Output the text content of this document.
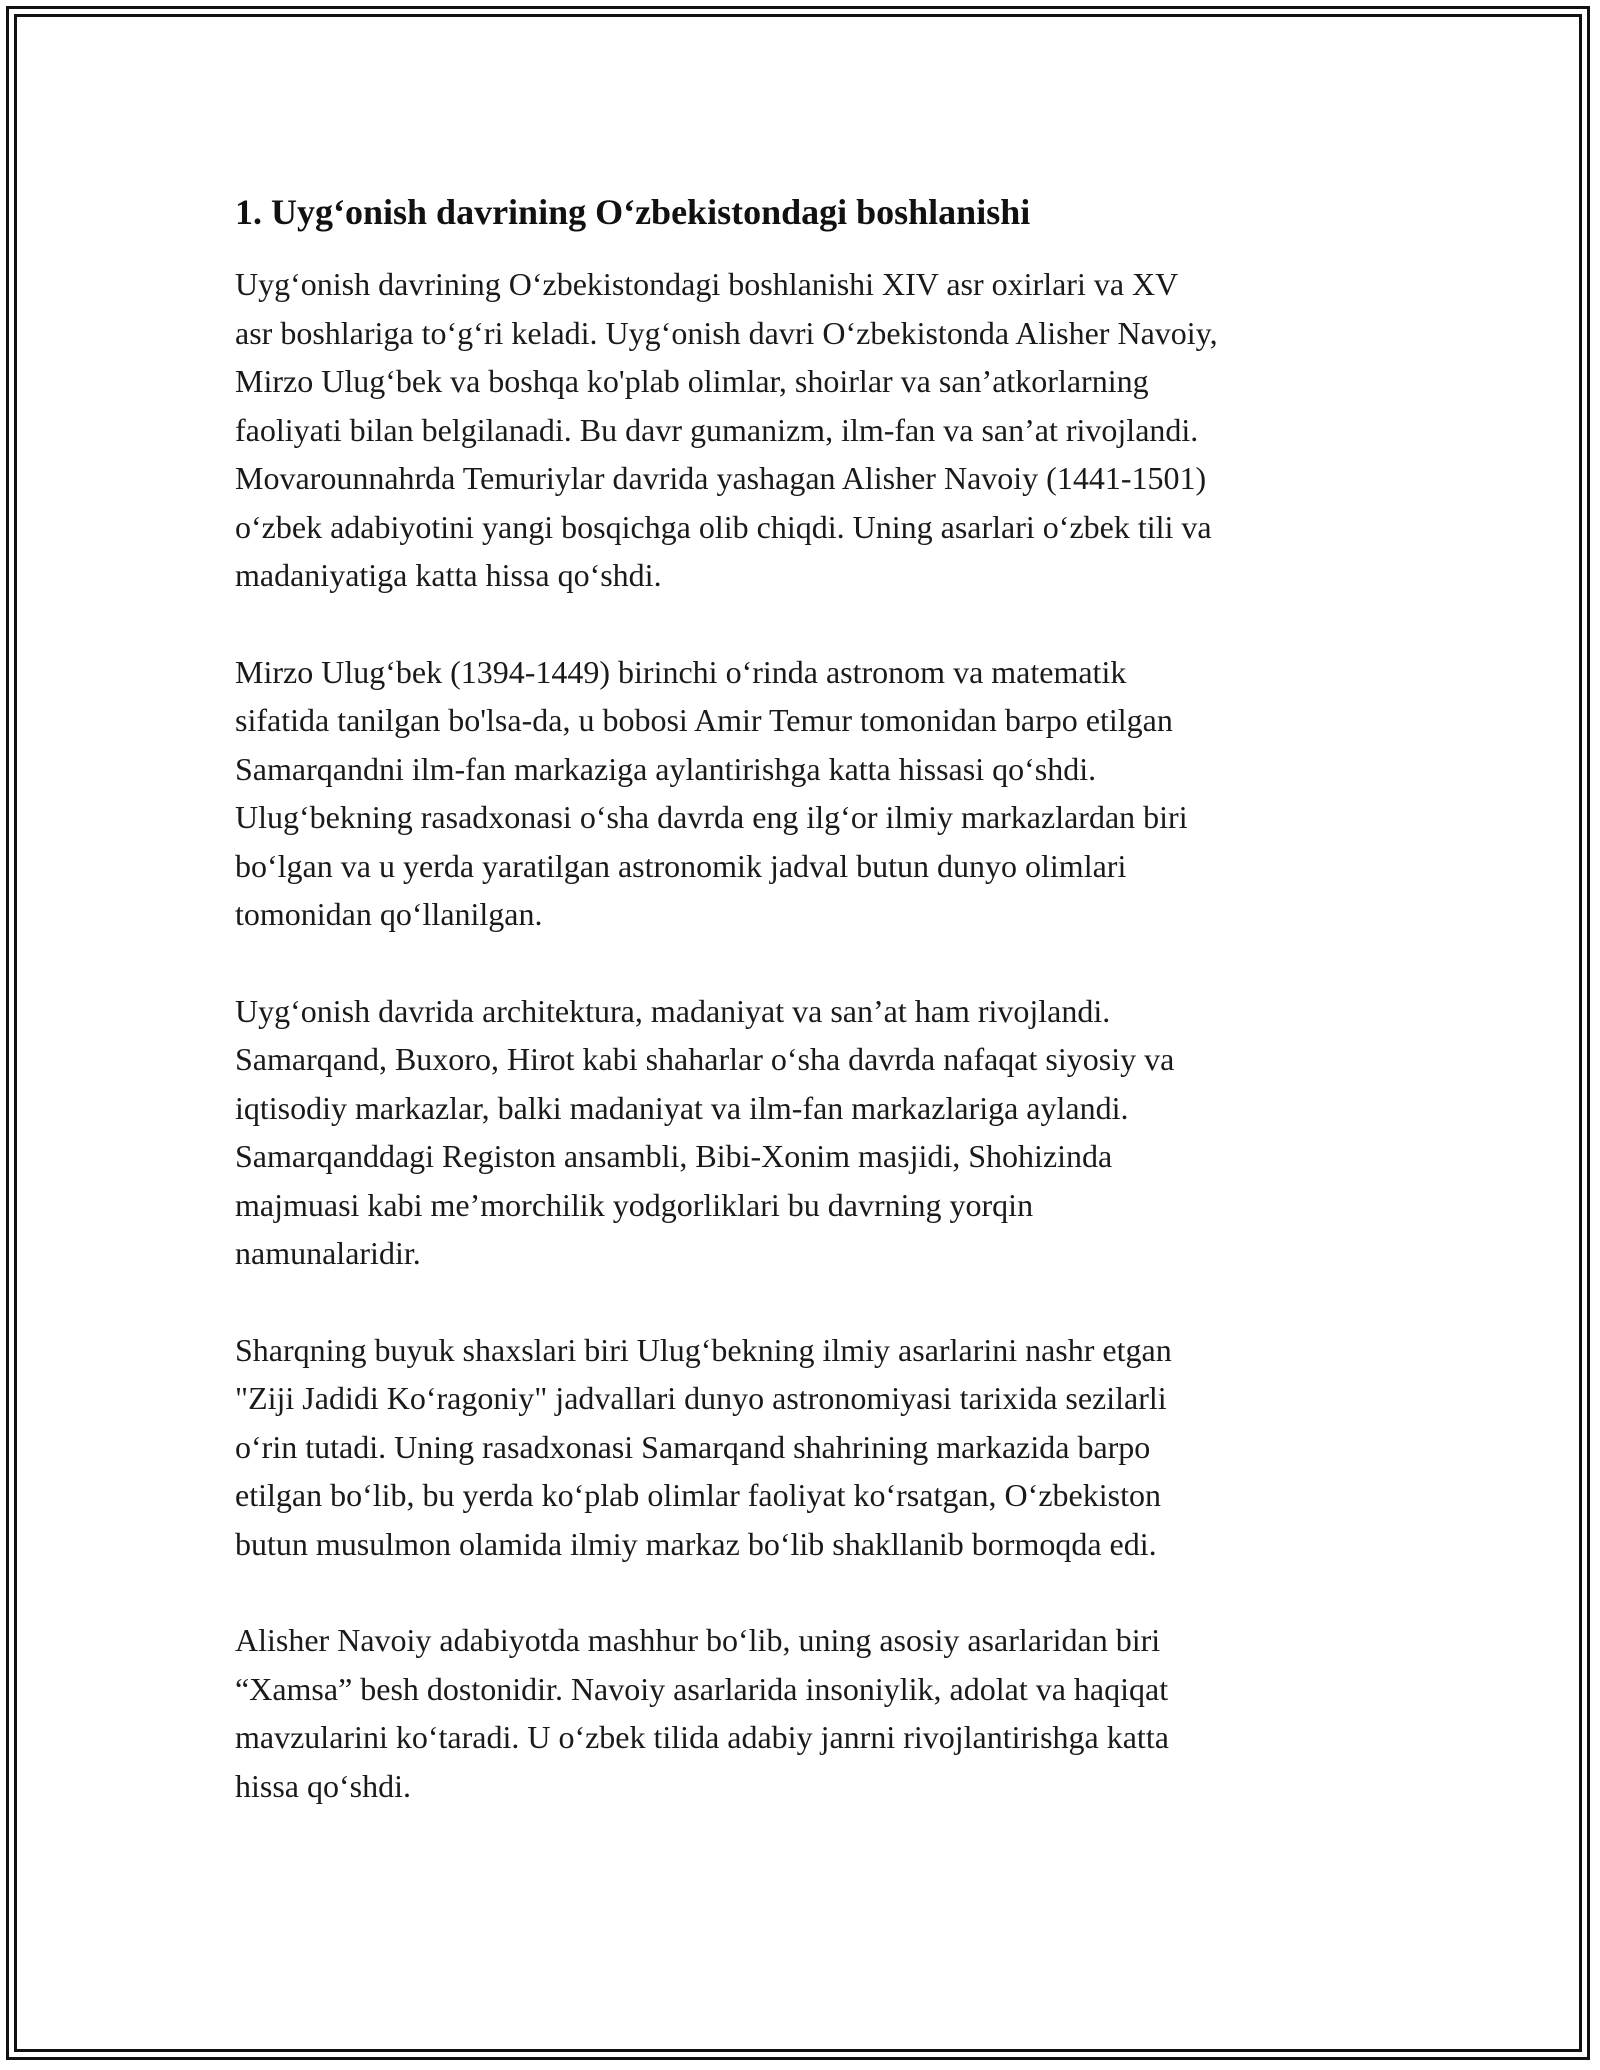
1. Uyg‘onish davrining O‘zbekistondagi boshlanishi

Uyg‘onish davrining O‘zbekistondagi boshlanishi XIV asr oxirlari va XV
asr boshlariga to‘g‘ri keladi. Uyg‘onish davri O‘zbekistonda Alisher Navoiy,
Mirzo Ulug‘bek va boshqa ko'plab olimlar, shoirlar va san’atkorlarning
faoliyati bilan belgilanadi. Bu davr gumanizm, ilm-fan va san’at rivojlandi.
Movarounnahrda Temuriylar davrida yashagan Alisher Navoiy (1441-1501)
o‘zbek adabiyotini yangi bosqichga olib chiqdi. Uning asarlari o‘zbek tili va
madaniyatiga katta hissa qo‘shdi.

Mirzo Ulug‘bek (1394-1449) birinchi o‘rinda astronom va matematik
sifatida tanilgan bo'lsa-da, u bobosi Amir Temur tomonidan barpo etilgan
Samarqandni ilm-fan markaziga aylantirishga katta hissasi qo‘shdi.
Ulug‘bekning rasadxonasi o‘sha davrda eng ilg‘or ilmiy markazlardan biri
bo‘lgan va u yerda yaratilgan astronomik jadval butun dunyo olimlari
tomonidan qo‘llanilgan.

Uyg‘onish davrida architektura, madaniyat va san’at ham rivojlandi.
Samarqand, Buxoro, Hirot kabi shaharlar o‘sha davrda nafaqat siyosiy va
iqtisodiy markazlar, balki madaniyat va ilm-fan markazlariga aylandi.
Samarqanddagi Registon ansambli, Bibi-Xonim masjidi, Shohizinda
majmuasi kabi me’morchilik yodgorliklari bu davrning yorqin
namunalaridir.

Sharqning buyuk shaxslari biri Ulug‘bekning ilmiy asarlarini nashr etgan
"Ziji Jadidi Ko‘ragoniy" jadvallari dunyo astronomiyasi tarixida sezilarli
o‘rin tutadi. Uning rasadxonasi Samarqand shahrining markazida barpo
etilgan bo‘lib, bu yerda ko‘plab olimlar faoliyat ko‘rsatgan, O‘zbekiston
butun musulmon olamida ilmiy markaz bo‘lib shakllanib bormoqda edi.

Alisher Navoiy adabiyotda mashhur bo‘lib, uning asosiy asarlaridan biri
“Xamsa” besh dostonidir. Navoiy asarlarida insoniylik, adolat va haqiqat
mavzularini ko‘taradi. U o‘zbek tilida adabiy janrni rivojlantirishga katta
hissa qo‘shdi.
